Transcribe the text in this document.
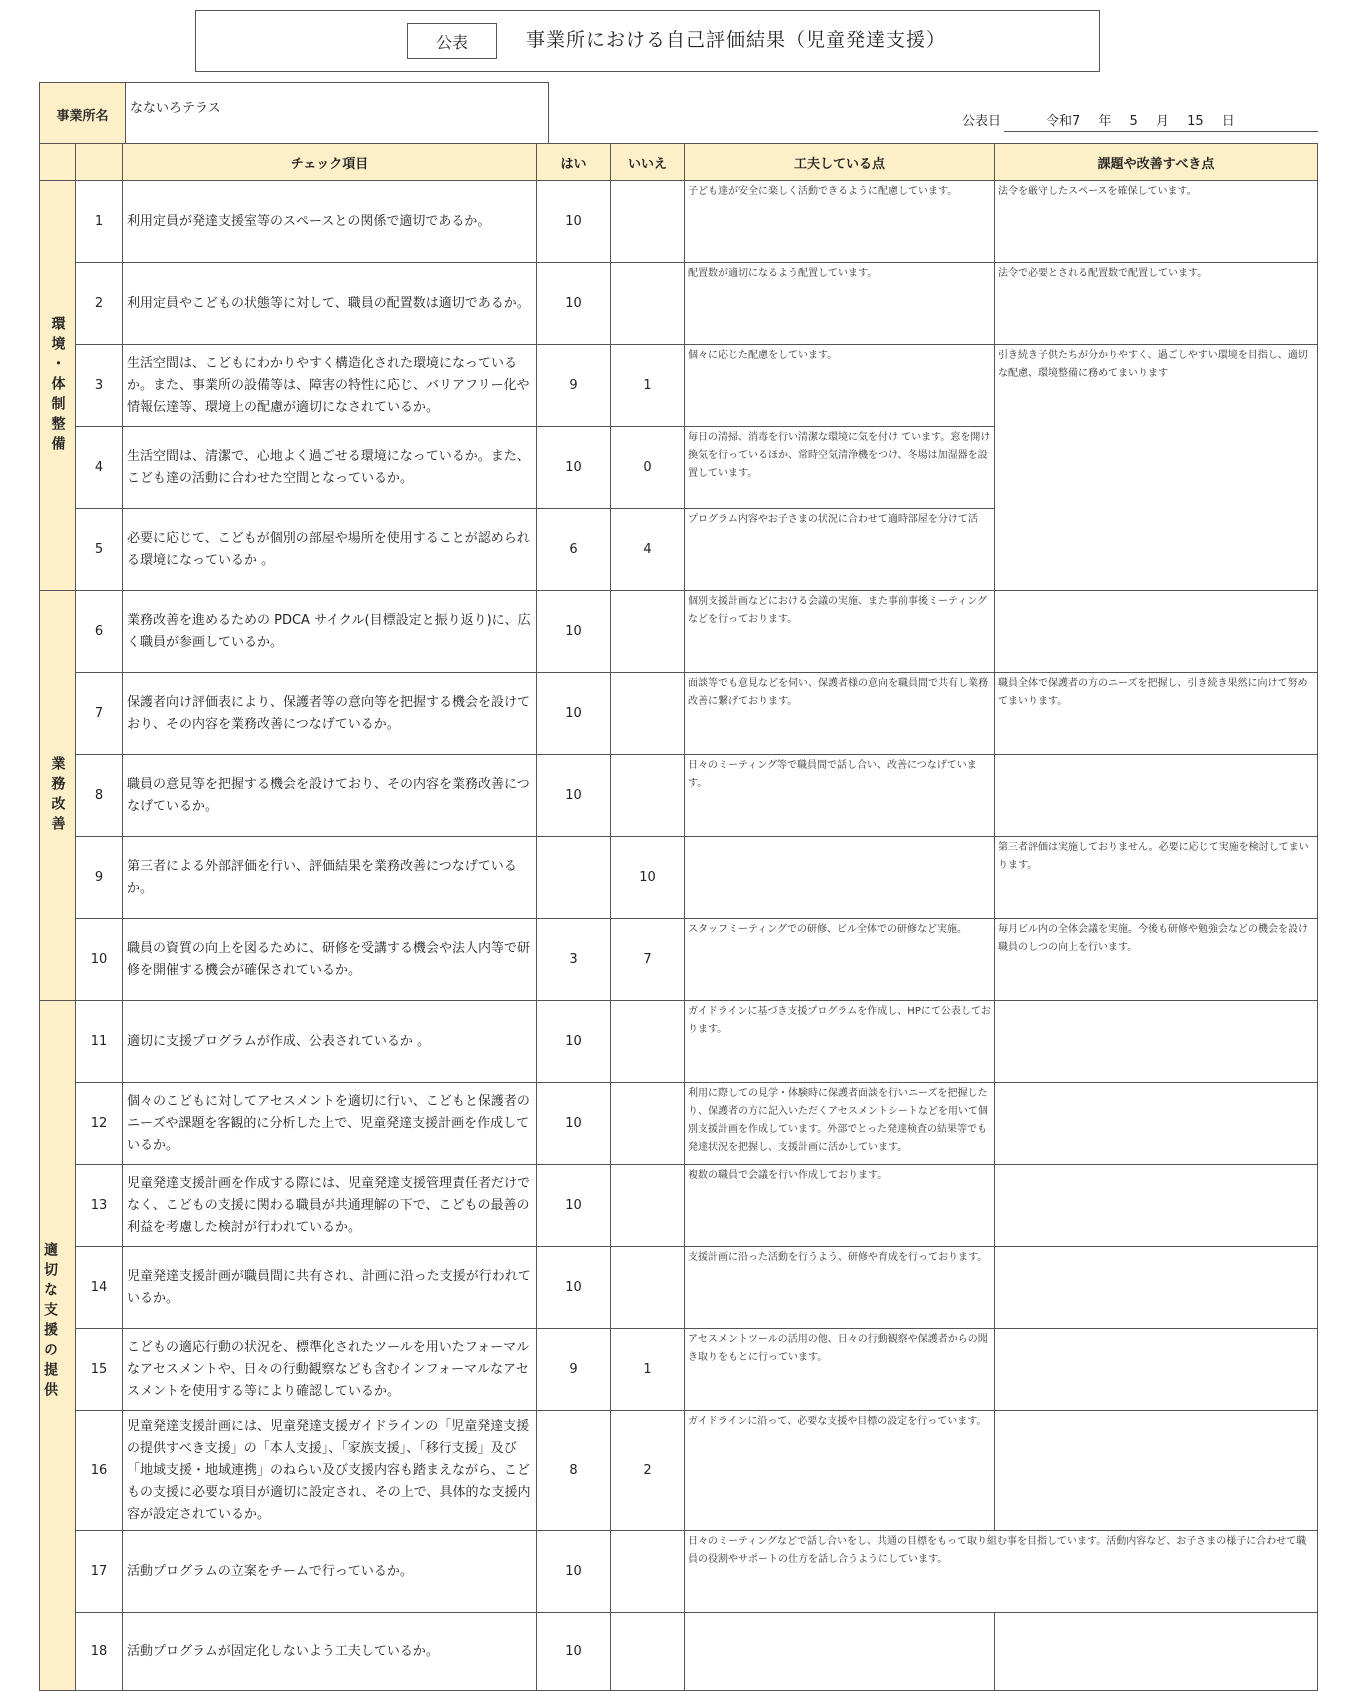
公表	事業所における自己評価結果（児童発達支援）
事業所名	なないろテラス
公表日	令和7 年 5 月 15 日
		チェック項目	はい	いいえ	工夫している点	課題や改善すべき点
環境・体制整備	1	利用定員が発達支援室等のスペースとの関係で適切であるか。	10		子ども達が安全に楽しく活動できるように配慮しています。	法令を厳守したスペースを確保しています。
	2	利用定員やこどもの状態等に対して、職員の配置数は適切であるか。	10		配置数が適切になるよう配置しています。	法令で必要とされる配置数で配置しています。
	3	生活空間は、こどもにわかりやすく構造化された環境になっているか。また、事業所の設備等は、障害の特性に応じ、バリアフリー化や情報伝達等、環境上の配慮が適切になされているか。	9	1	個々に応じた配慮をしています。	引き続き子供たちが分かりやすく、過ごしやすい環境を目指し、適切な配慮、環境整備に務めてまいります
	4	生活空間は、清潔で、心地よく過ごせる環境になっているか。また、こども達の活動に合わせた空間となっているか。	10	0	毎日の清掃、消毒を行い清潔な環境に気を付け ています。窓を開け換気を行っているほか、常時空気清浄機をつけ、冬場は加湿器を設置しています。	
	5	必要に応じて、こどもが個別の部屋や場所を使用することが認められる環境になっているか 。	6	4	プログラム内容やお子さまの状況に合わせて適時部屋を分けて活	
業務改善	6	業務改善を進めるための PDCA サイクル(目標設定と振り返り)に、広く職員が参画しているか。	10		個別支援計画などにおける会議の実施、また事前事後ミーティングなどを行っております。	
	7	保護者向け評価表により、保護者等の意向等を把握する機会を設けており、その内容を業務改善につなげているか。	10		面談等でも意見などを伺い、保護者様の意向を職員間で共有し業務改善に繋げております。	職員全体で保護者の方のニーズを把握し、引き続き果然に向けて努めてまいります。
	8	職員の意見等を把握する機会を設けており、その内容を業務改善につなげているか。	10		日々のミーティング等で職員間で話し合い、改善につなげています。	
	9	第三者による外部評価を行い、評価結果を業務改善につなげているか。		10		第三者評価は実施しておりません。必要に応じて実施を検討してまいります。
	10	職員の資質の向上を図るために、研修を受講する機会や法人内等で研修を開催する機会が確保されているか。	3	7	スタッフミーティングでの研修、ビル全体での研修など実施。	毎月ビル内の全体会議を実施。今後も研修や勉強会などの機会を設け職員のしつの向上を行います。
適切な支援の提供	11	適切に支援プログラムが作成、公表されているか 。	10		ガイドラインに基づき支援プログラムを作成し、HPにて公表しております。	
	12	個々のこどもに対してアセスメントを適切に行い、こどもと保護者のニーズや課題を客観的に分析した上で、児童発達支援計画を作成しているか。	10		利用に際しての見学・体験時に保護者面談を行いニーズを把握したり、保護者の方に記入いただくアセスメントシートなどを用いて個別支援計画を作成しています。外部でとった発達検査の結果等でも発達状況を把握し、支援計画に活かしています。	
	13	児童発達支援計画を作成する際には、児童発達支援管理責任者だけでなく、こどもの支援に関わる職員が共通理解の下で、こどもの最善の利益を考慮した検討が行われているか。	10		複数の職員で会議を行い作成しております。	
	14	児童発達支援計画が職員間に共有され、計画に沿った支援が行われているか。	10		支援計画に沿った活動を行うよう、研修や育成を行っております。	
	15	こどもの適応行動の状況を、標準化されたツールを用いたフォーマルなアセスメントや、日々の行動観察なども含むインフォーマルなアセスメントを使用する等により確認しているか。	9	1	アセスメントツールの活用の他、日々の行動観察や保護者からの聞き取りをもとに行っています。	
	16	児童発達支援計画には、児童発達支援ガイドラインの「児童発達支援の提供すべき支援」の「本人支援」、「家族支援」、「移行支援」及び「地域支援・地域連携」のねらい及び支援内容も踏まえながら、こどもの支援に必要な項目が適切に設定され、その上で、具体的な支援内容が設定されているか。	8	2	ガイドラインに沿って、必要な支援や目標の設定を行っています。	
	17	活動プログラムの立案をチームで行っているか。	10		日々のミーティングなどで話し合いをし、共通の目標をもって取り組む事を目指しています。活動内容など、お子さまの様子に合わせて職員の役割やサポートの仕方を話し合うようにしています。	
	18	活動プログラムが固定化しないよう工夫しているか。	10			
